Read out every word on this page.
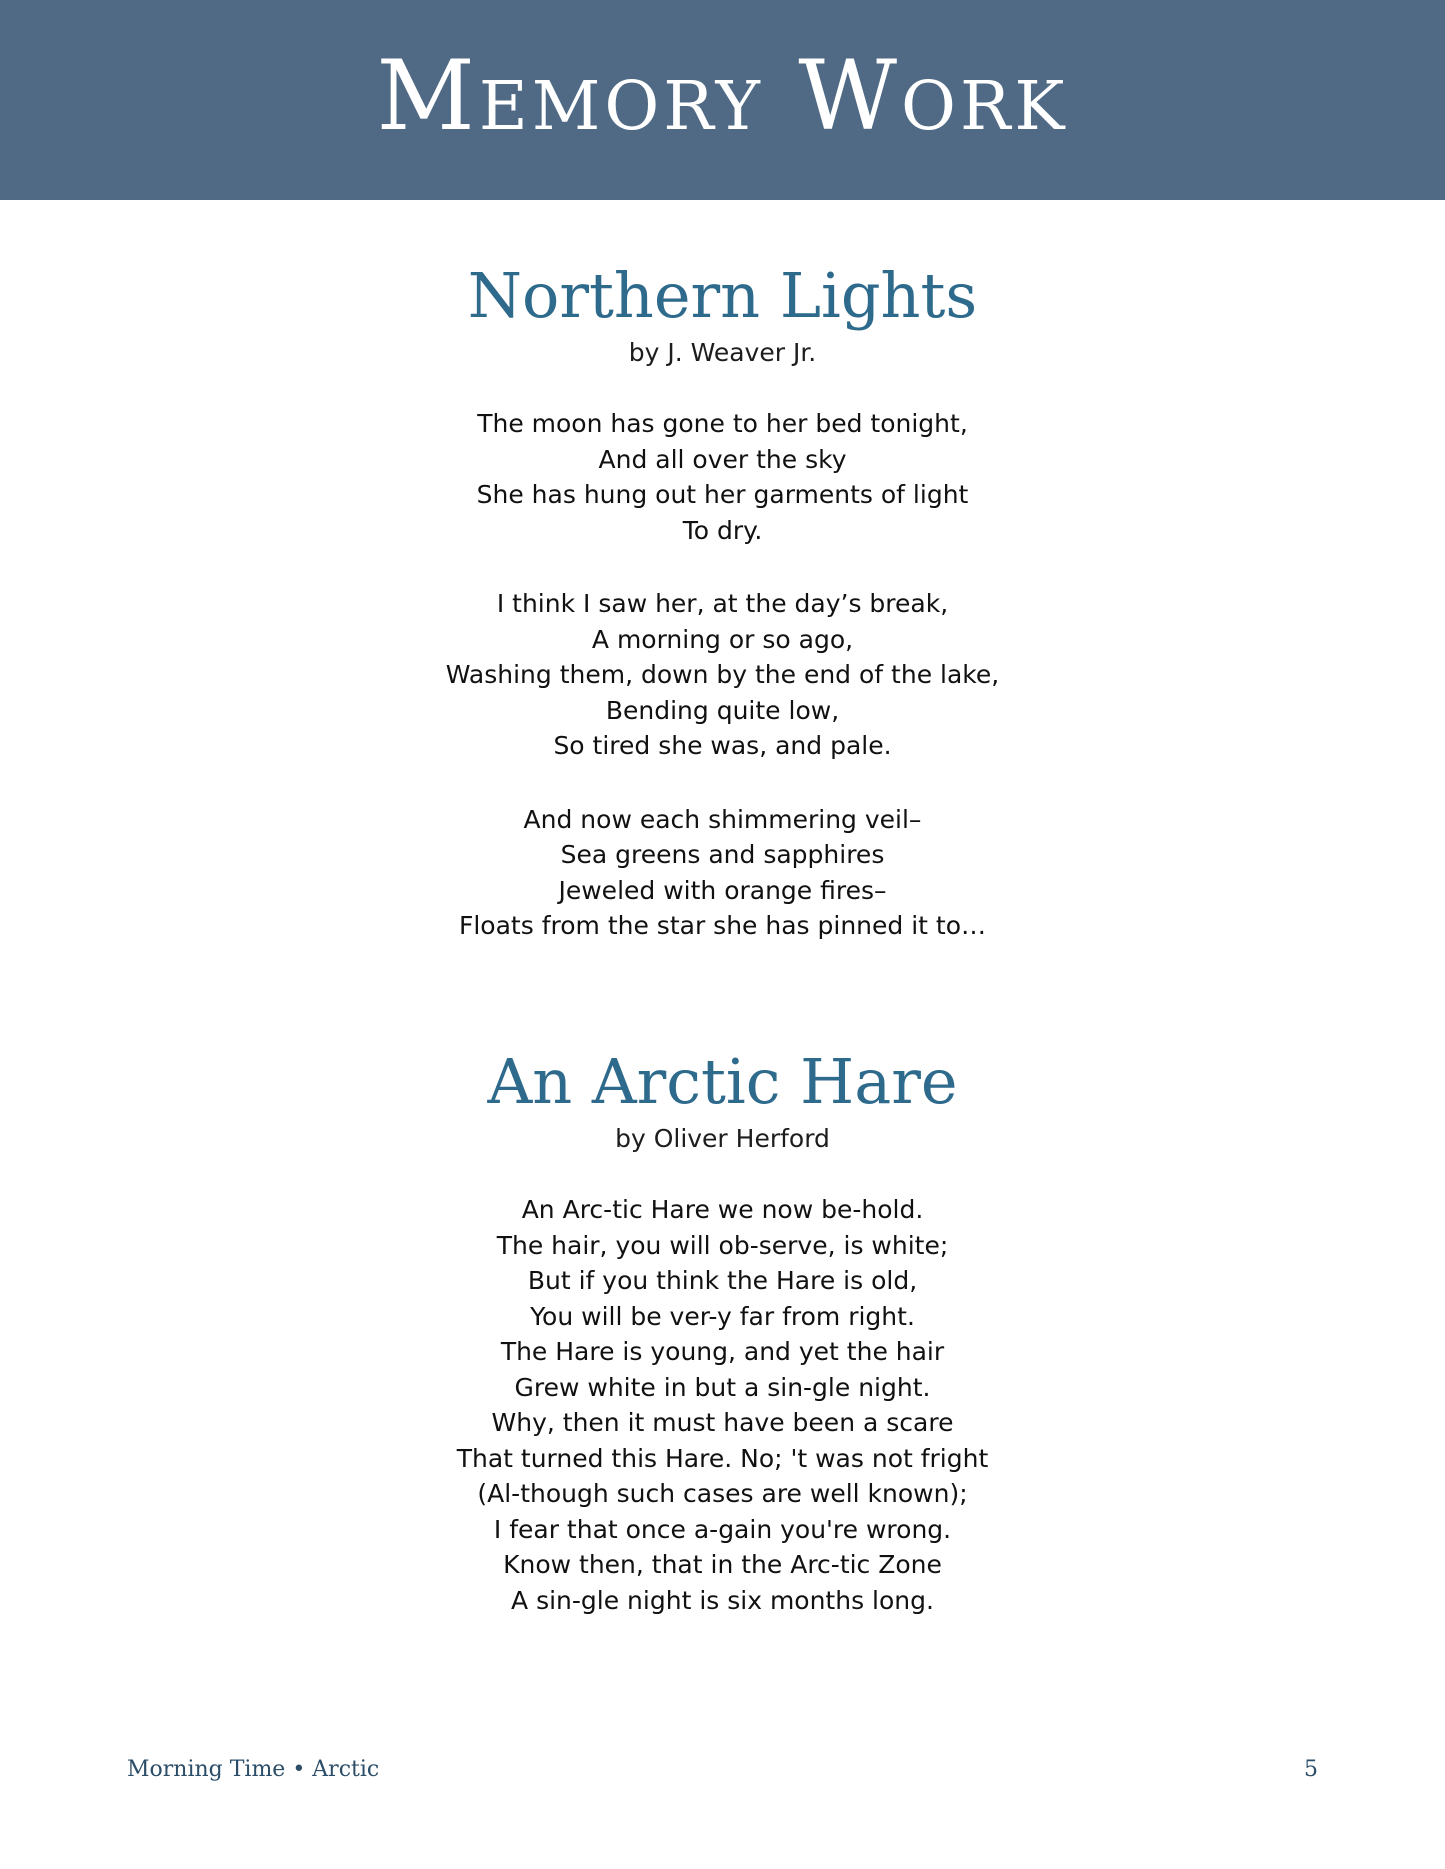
Memory Work
Northern Lights
by J. Weaver Jr.
The moon has gone to her bed tonight,
And all over the sky
She has hung out her garments of light
To dry.
I think I saw her, at the day’s break,
A morning or so ago,
Washing them, down by the end of the lake,
Bending quite low,
So tired she was, and pale.
And now each shimmering veil–
Sea greens and sapphires
Jeweled with orange fires–
Floats from the star she has pinned it to…
An Arctic Hare
by Oliver Herford
An Arc-tic Hare we now be-hold.
The hair, you will ob-serve, is white;
But if you think the Hare is old,
You will be ver-y far from right.
The Hare is young, and yet the hair
Grew white in but a sin-gle night.
Why, then it must have been a scare
That turned this Hare. No; 't was not fright
(Al-though such cases are well known);
I fear that once a-gain you're wrong.
Know then, that in the Arc-tic Zone
A sin-gle night is six months long.
Morning Time • Arctic	5
